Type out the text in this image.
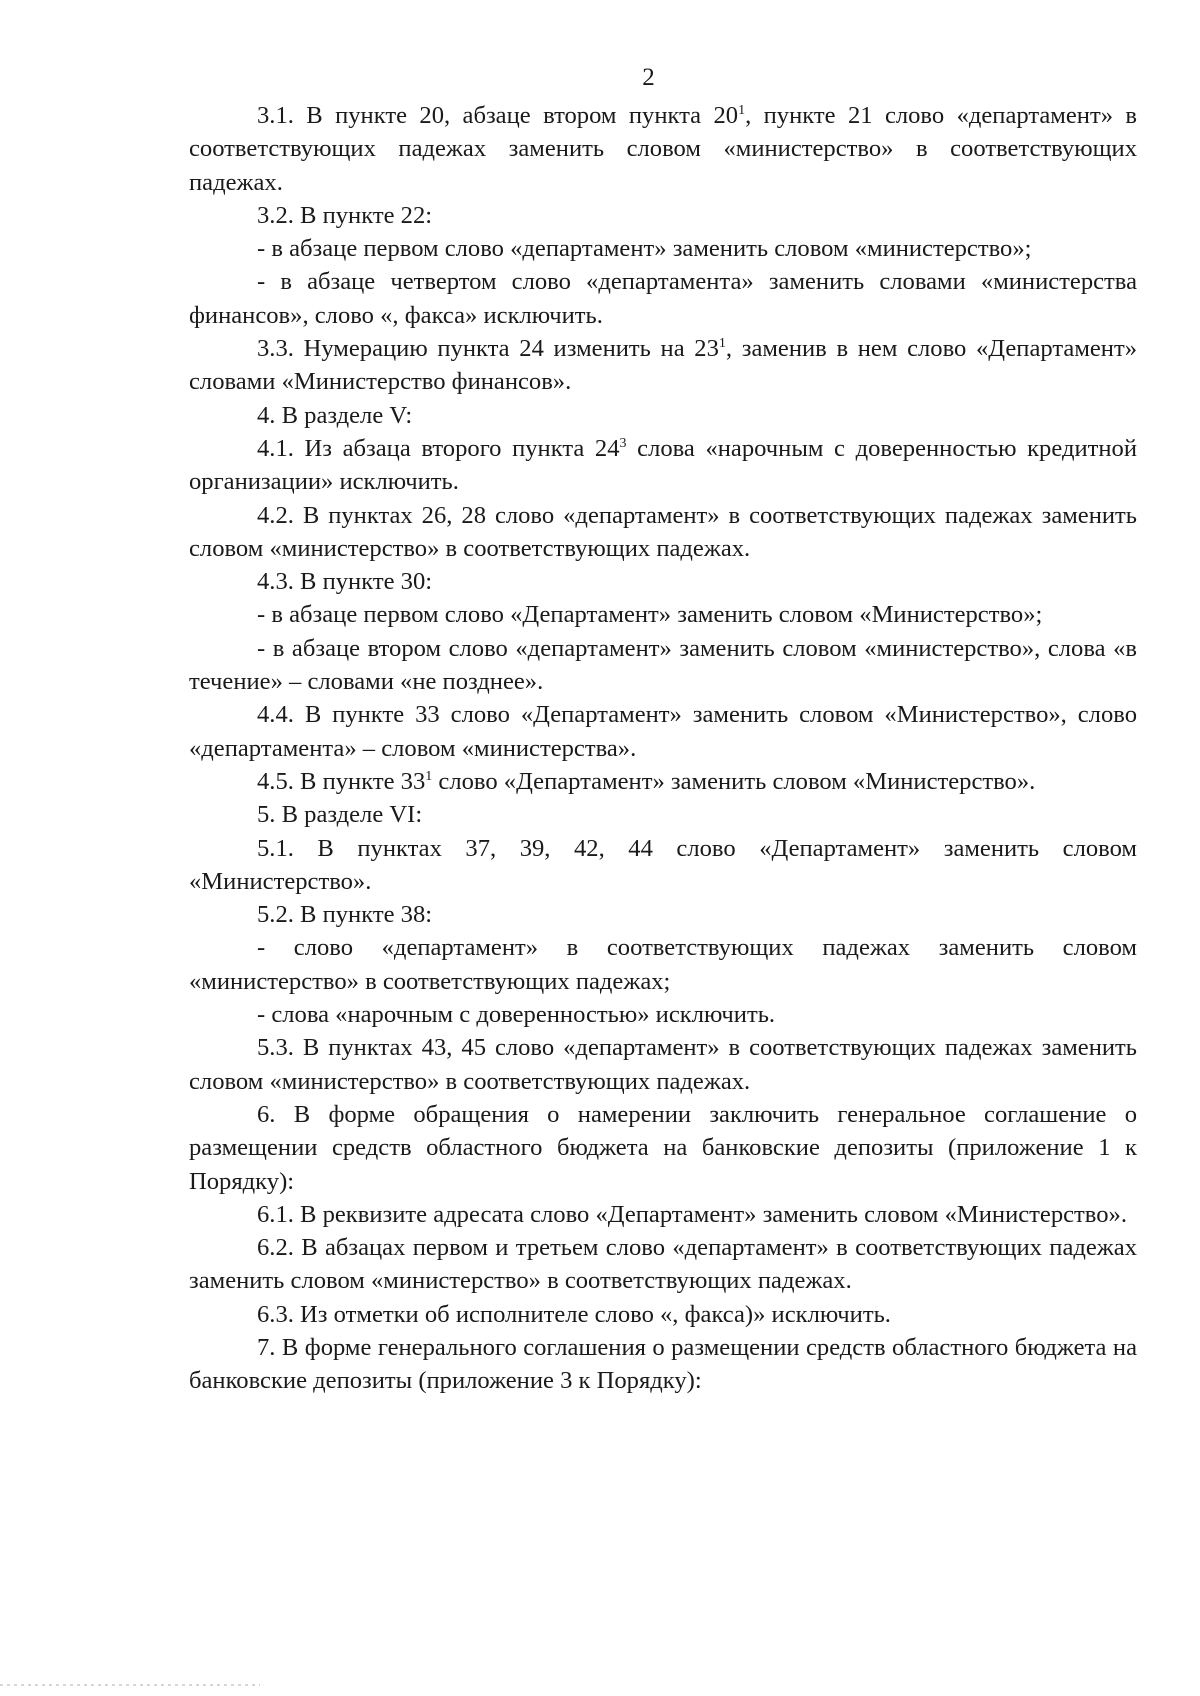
2

3.1. В пункте 20, абзаце втором пункта $20^1$, пункте 21 слово «департамент» в соответствующих падежах заменить словом «министерство» в соответствующих падежах.

3.2. В пункте 22:

- в абзаце первом слово «департамент» заменить словом «министерство»;

- в абзаце четвертом слово «департамента» заменить словами «министерства финансов», слово «, факса» исключить.

3.3. Нумерацию пункта 24 изменить на $23^1$, заменив в нем слово «Департамент» словами «Министерство финансов».

4. В разделе V:

4.1. Из абзаца второго пункта $24^3$ слова «нарочным с доверенностью кредитной организации» исключить.

4.2. В пунктах 26, 28 слово «департамент» в соответствующих падежах заменить словом «министерство» в соответствующих падежах.

4.3. В пункте 30:

- в абзаце первом слово «Департамент» заменить словом «Министерство»;

- в абзаце втором слово «департамент» заменить словом «министерство», слова «в течение» – словами «не позднее».

4.4. В пункте 33 слово «Департамент» заменить словом «Министерство», слово «департамента» – словом «министерства».

4.5. В пункте $33^1$ слово «Департамент» заменить словом «Министерство».

5. В разделе VI:

5.1. В пунктах 37, 39, 42, 44 слово «Департамент» заменить словом «Министерство».

5.2. В пункте 38:

- слово «департамент» в соответствующих падежах заменить словом «министерство» в соответствующих падежах;

- слова «нарочным с доверенностью» исключить.

5.3. В пунктах 43, 45 слово «департамент» в соответствующих падежах заменить словом «министерство» в соответствующих падежах.

6. В форме обращения о намерении заключить генеральное соглашение о размещении средств областного бюджета на банковские депозиты (приложение 1 к Порядку):

6.1. В реквизите адресата слово «Департамент» заменить словом «Министерство».

6.2. В абзацах первом и третьем слово «департамент» в соответствующих падежах заменить словом «министерство» в соответствующих падежах.

6.3. Из отметки об исполнителе слово «, факса)» исключить.

7. В форме генерального соглашения о размещении средств областного бюджета на банковские депозиты (приложение 3 к Порядку):
